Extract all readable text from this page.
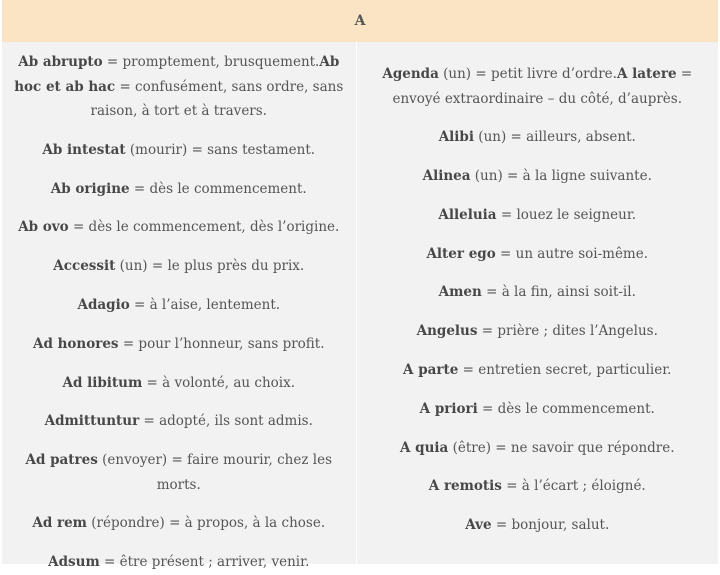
A

Ab abrupto = promptement, brusquement.Ab hoc et ab hac = confusément, sans ordre, sans raison, à tort et à travers.

Ab intestat (mourir) = sans testament.

Ab origine = dès le commencement.

Ab ovo = dès le commencement, dès l’origine.

Accessit (un) = le plus près du prix.

Adagio = à l’aise, lentement.

Ad honores = pour l’honneur, sans profit.

Ad libitum = à volonté, au choix.

Admittuntur = adopté, ils sont admis.

Ad patres (envoyer) = faire mourir, chez les morts.

Ad rem (répondre) = à propos, à la chose.

Adsum = être présent ; arriver, venir.

Agenda (un) = petit livre d’ordre.A latere = envoyé extraordinaire – du côté, d’auprès.

Alibi (un) = ailleurs, absent.

Alinea (un) = à la ligne suivante.

Alleluia = louez le seigneur.

Alter ego = un autre soi-même.

Amen = à la fin, ainsi soit-il.

Angelus = prière ; dites l’Angelus.

A parte = entretien secret, particulier.

A priori = dès le commencement.

A quia (être) = ne savoir que répondre.

A remotis = à l’écart ; éloigné.

Ave = bonjour, salut.
